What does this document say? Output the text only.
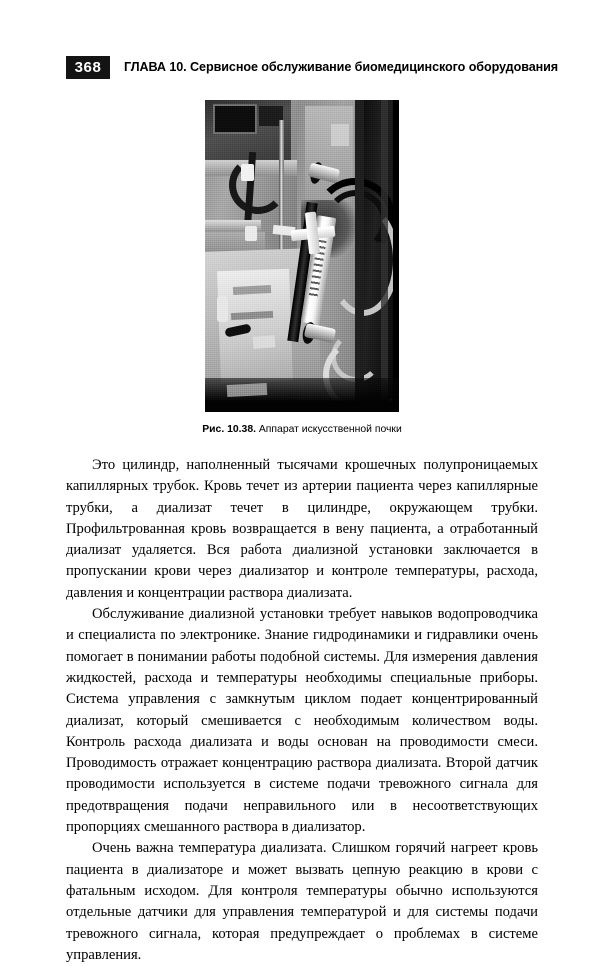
368	ГЛАВА 10. Сервисное обслуживание биомедицинского оборудования
Рис. 10.38. Аппарат искусственной почки

Это цилиндр, наполненный тысячами крошечных полупроницаемых капиллярных трубок. Кровь течет из артерии пациента через капиллярные трубки, а диализат течет в цилиндре, окружающем трубки. Профильтрованная кровь возвращается в вену пациента, а отработанный диализат удаляется. Вся работа диализной установки заключается в пропускании крови через диализатор и контроле температуры, расхода, давления и концентрации раствора диализата.

Обслуживание диализной установки требует навыков водопроводчика и специалиста по электронике. Знание гидродинамики и гидравлики очень помогает в понимании работы подобной системы. Для измерения давления жидкостей, расхода и температуры необходимы специальные приборы. Система управления с замкнутым циклом подает концентрированный диализат, который смешивается с необходимым количеством воды. Контроль расхода диализата и воды основан на проводимости смеси. Проводимость отражает концентрацию раствора диализата. Второй датчик проводимости используется в системе подачи тревожного сигнала для предотвращения подачи неправильного или в несоответствующих пропорциях смешанного раствора в диализатор.

Очень важна температура диализата. Слишком горячий нагреет кровь пациента в диализаторе и может вызвать цепную реакцию в крови с фатальным исходом. Для контроля температуры обычно используются отдельные датчики для управления температурой и для системы подачи тревожного сигнала, которая предупреждает о проблемах в системе управления.
